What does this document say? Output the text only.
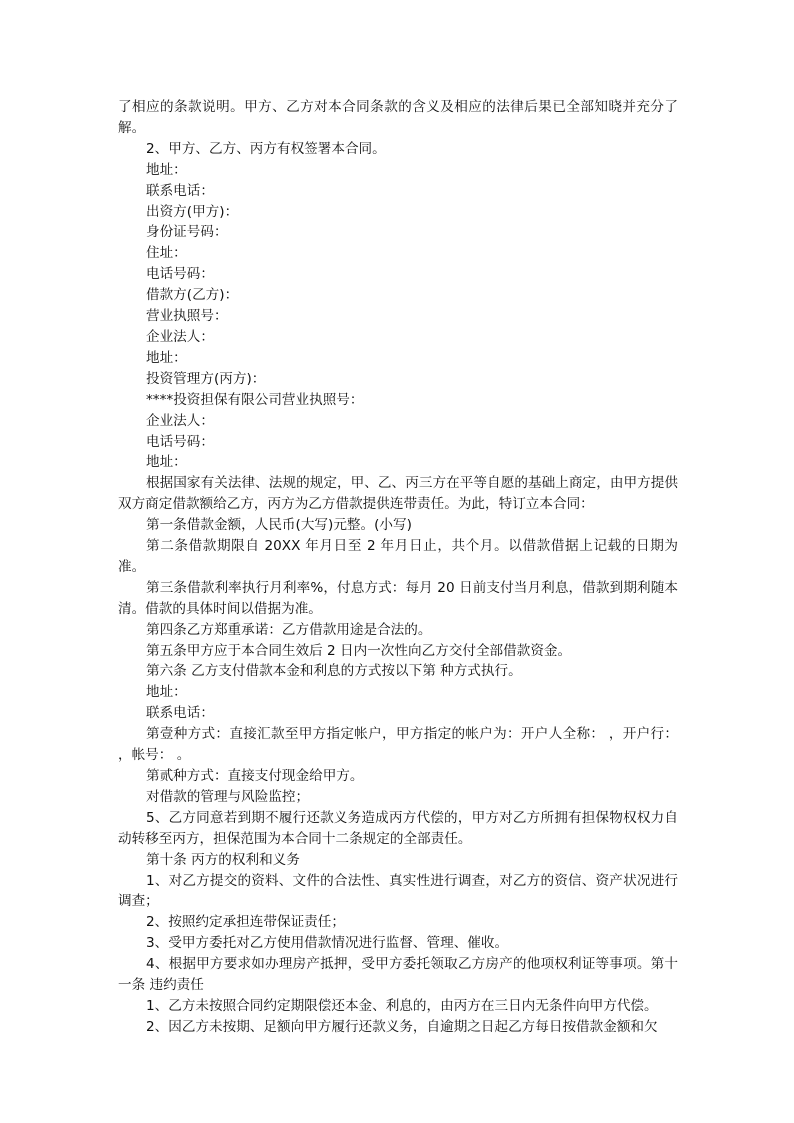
了相应的条款说明。甲方、乙方对本合同条款的含义及相应的法律后果已全部知晓并充分了解。

2、甲方、乙方、丙方有权签署本合同。

地址：

联系电话：

出资方(甲方)：

身份证号码：

住址：

电话号码：

借款方(乙方)：

营业执照号：

企业法人：

地址：

投资管理方(丙方)：

****投资担保有限公司营业执照号：

企业法人：

电话号码：

地址：

根据国家有关法律、法规的规定，甲、乙、丙三方在平等自愿的基础上商定，由甲方提供双方商定借款额给乙方，丙方为乙方借款提供连带责任。为此，特订立本合同：

第一条借款金额，人民币(大写)元整。(小写)

第二条借款期限自 20XX 年月日至 2 年月日止，共个月。以借款借据上记载的日期为准。

第三条借款利率执行月利率%，付息方式：每月 20 日前支付当月利息，借款到期利随本清。借款的具体时间以借据为准。

第四条乙方郑重承诺：乙方借款用途是合法的。

第五条甲方应于本合同生效后 2 日内一次性向乙方交付全部借款资金。

第六条 乙方支付借款本金和利息的方式按以下第 种方式执行。

地址：

联系电话：

第壹种方式：直接汇款至甲方指定帐户，甲方指定的帐户为：开户人全称： ，开户行： ，帐号： 。

第贰种方式：直接支付现金给甲方。

对借款的管理与风险监控；

5、乙方同意若到期不履行还款义务造成丙方代偿的，甲方对乙方所拥有担保物权权力自动转移至丙方，担保范围为本合同十二条规定的全部责任。

第十条 丙方的权利和义务

1、对乙方提交的资料、文件的合法性、真实性进行调查，对乙方的资信、资产状况进行调查；

2、按照约定承担连带保证责任；

3、受甲方委托对乙方使用借款情况进行监督、管理、催收。

4、根据甲方要求如办理房产抵押，受甲方委托领取乙方房产的他项权利证等事项。第十一条 违约责任

1、乙方未按照合同约定期限偿还本金、利息的，由丙方在三日内无条件向甲方代偿。

2、因乙方未按期、足额向甲方履行还款义务，自逾期之日起乙方每日按借款金额和欠
